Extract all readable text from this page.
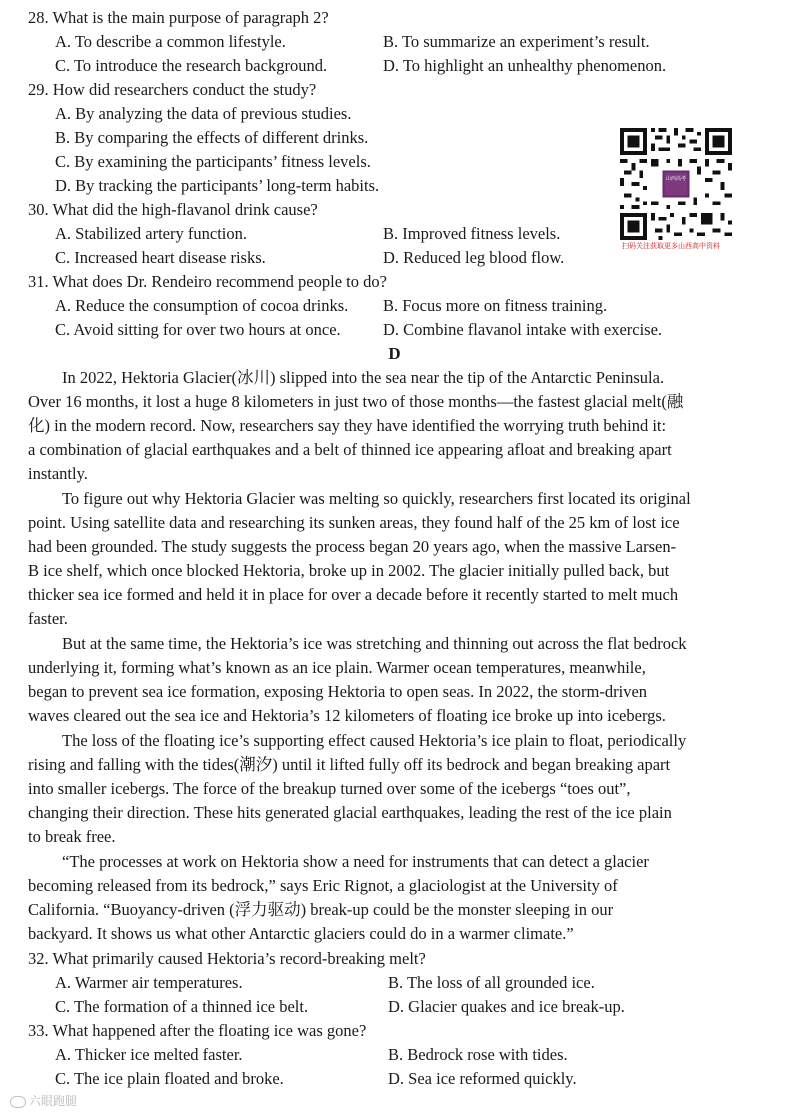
28. What is the main purpose of paragraph 2?
A. To describe a common lifestyle.	B. To summarize an experiment’s result.
C. To introduce the research background.	D. To highlight an unhealthy phenomenon.
29. How did researchers conduct the study?
A. By analyzing the data of previous studies.
B. By comparing the effects of different drinks.
C. By examining the participants’ fitness levels.
D. By tracking the participants’ long-term habits.	山西高考
扫码关注获取更多山西高中资料
30. What did the high-flavanol drink cause?
A. Stabilized artery function.	B. Improved fitness levels.
C. Increased heart disease risks.	D. Reduced leg blood flow.
31. What does Dr. Rendeiro recommend people to do?
A. Reduce the consumption of cocoa drinks. B. Focus more on fitness training.
C. Avoid sitting for over two hours at once.	D. Combine flavanol intake with exercise.
D
In 2022, Hektoria Glacier(冰川) slipped into the sea near the tip of the Antarctic Peninsula.
Over 16 months, it lost a huge 8 kilometers in just two of those months—the fastest glacial melt(融
化) in the modern record. Now, researchers say they have identified the worrying truth behind it:
a combination of glacial earthquakes and a belt of thinned ice appearing afloat and breaking apart
instantly.
To figure out why Hektoria Glacier was melting so quickly, researchers first located its original
point. Using satellite data and researching its sunken areas, they found half of the 25 km of lost ice
had been grounded. The study suggests the process began 20 years ago, when the massive Larsen-
B ice shelf, which once blocked Hektoria, broke up in 2002. The glacier initially pulled back, but
thicker sea ice formed and held it in place for over a decade before it recently started to melt much
faster.
But at the same time, the Hektoria’s ice was stretching and thinning out across the flat bedrock
underlying it, forming what’s known as an ice plain. Warmer ocean temperatures, meanwhile,
began to prevent sea ice formation, exposing Hektoria to open seas. In 2022, the storm-driven
waves cleared out the sea ice and Hektoria’s 12 kilometers of floating ice broke up into icebergs.
The loss of the floating ice’s supporting effect caused Hektoria’s ice plain to float, periodically
rising and falling with the tides(潮汐) until it lifted fully off its bedrock and began breaking apart
into smaller icebergs. The force of the breakup turned over some of the icebergs “toes out”,
changing their direction. These hits generated glacial earthquakes, leading the rest of the ice plain
to break free.
“The processes at work on Hektoria show a need for instruments that can detect a glacier
becoming released from its bedrock,” says Eric Rignot, a glaciologist at the University of
California. “Buoyancy-driven (浮力驱动) break-up could be the monster sleeping in our
backyard. It shows us what other Antarctic glaciers could do in a warmer climate.”
32. What primarily caused Hektoria’s record-breaking melt?
A. Warmer air temperatures.	B. The loss of all grounded ice.
C. The formation of a thinned ice belt.	D. Glacier quakes and ice break-up.
33. What happened after the floating ice was gone?
A. Thicker ice melted faster.	B. Bedrock rose with tides.
C. The ice plain floated and broke.	D. Sea ice reformed quickly.
六眼跑腿
